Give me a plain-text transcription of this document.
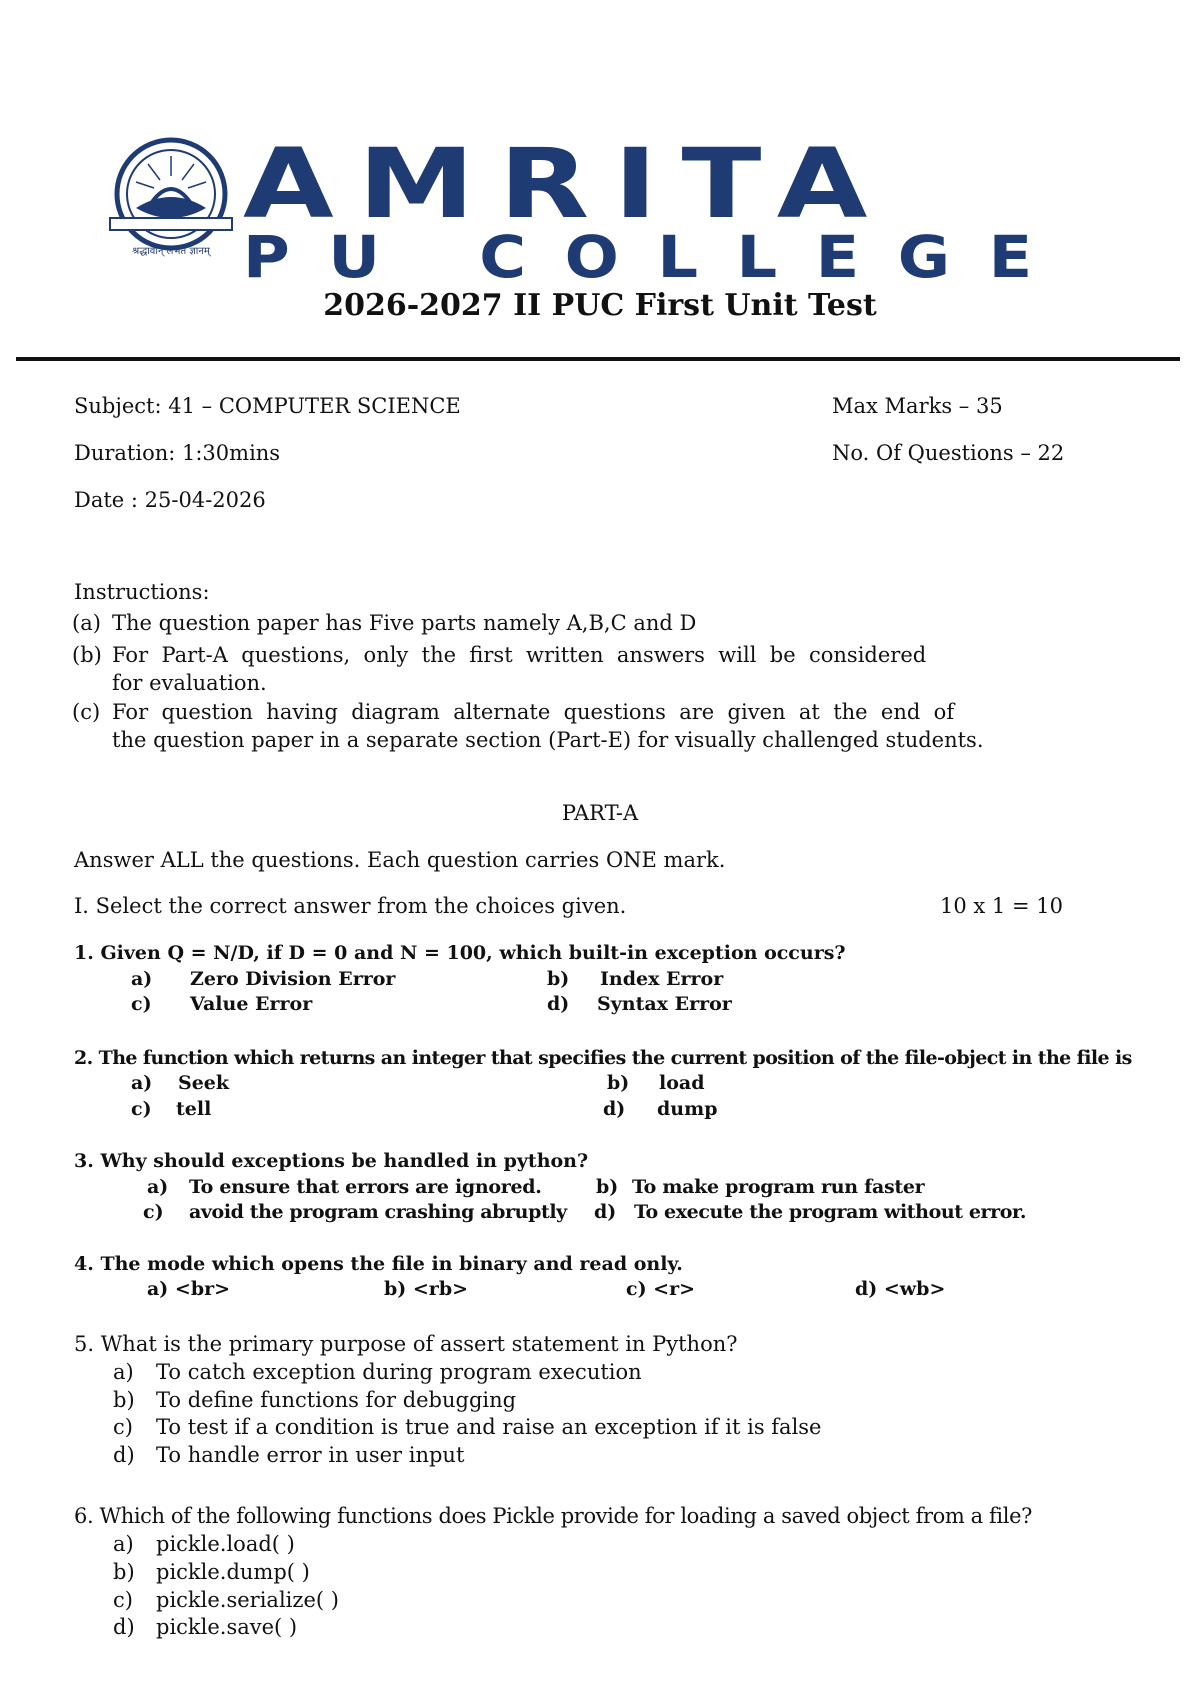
श्रद्धावान् लभते ज्ञानम्
AMRITA
PU COLLEGE
2026-2027 II PUC First Unit Test
Subject: 41 – COMPUTER SCIENCE	Max Marks – 35
Duration: 1:30mins	No. Of Questions – 22
Date : 25-04-2026
Instructions:
(a) The question paper has Five parts namely A,B,C and D
(b) For  Part-A  questions,  only  the  first  written  answers  will  be  considered
for evaluation.
(c) For  question  having  diagram  alternate  questions  are  given  at  the  end  of
the question paper in a separate section (Part-E) for visually challenged students.
PART-A
Answer ALL the questions. Each question carries ONE mark.
I. Select the correct answer from the choices given.	10 x 1 = 10
1. Given Q = N/D, if D = 0 and N = 100, which built-in exception occurs?
a) Zero Division Error	b) Index Error
c) Value Error	d) Syntax Error
2. The function which returns an integer that specifies the current position of the file-object in the file is
a) Seek	b) load
c) tell	d) dump
3. Why should exceptions be handled in python?
a) To ensure that errors are ignored.	b) To make program run faster
c) avoid the program crashing abruptly d) To execute the program without error.
4. The mode which opens the file in binary and read only.
a) <br>	b) <rb>	c) <r>	d) <wb>
5. What is the primary purpose of assert statement in Python?
a) To catch exception during program execution
b) To define functions for debugging
c) To test if a condition is true and raise an exception if it is false
d) To handle error in user input
6. Which of the following functions does Pickle provide for loading a saved object from a file?
a) pickle.load( )
b) pickle.dump( )
c) pickle.serialize( )
d) pickle.save( )
